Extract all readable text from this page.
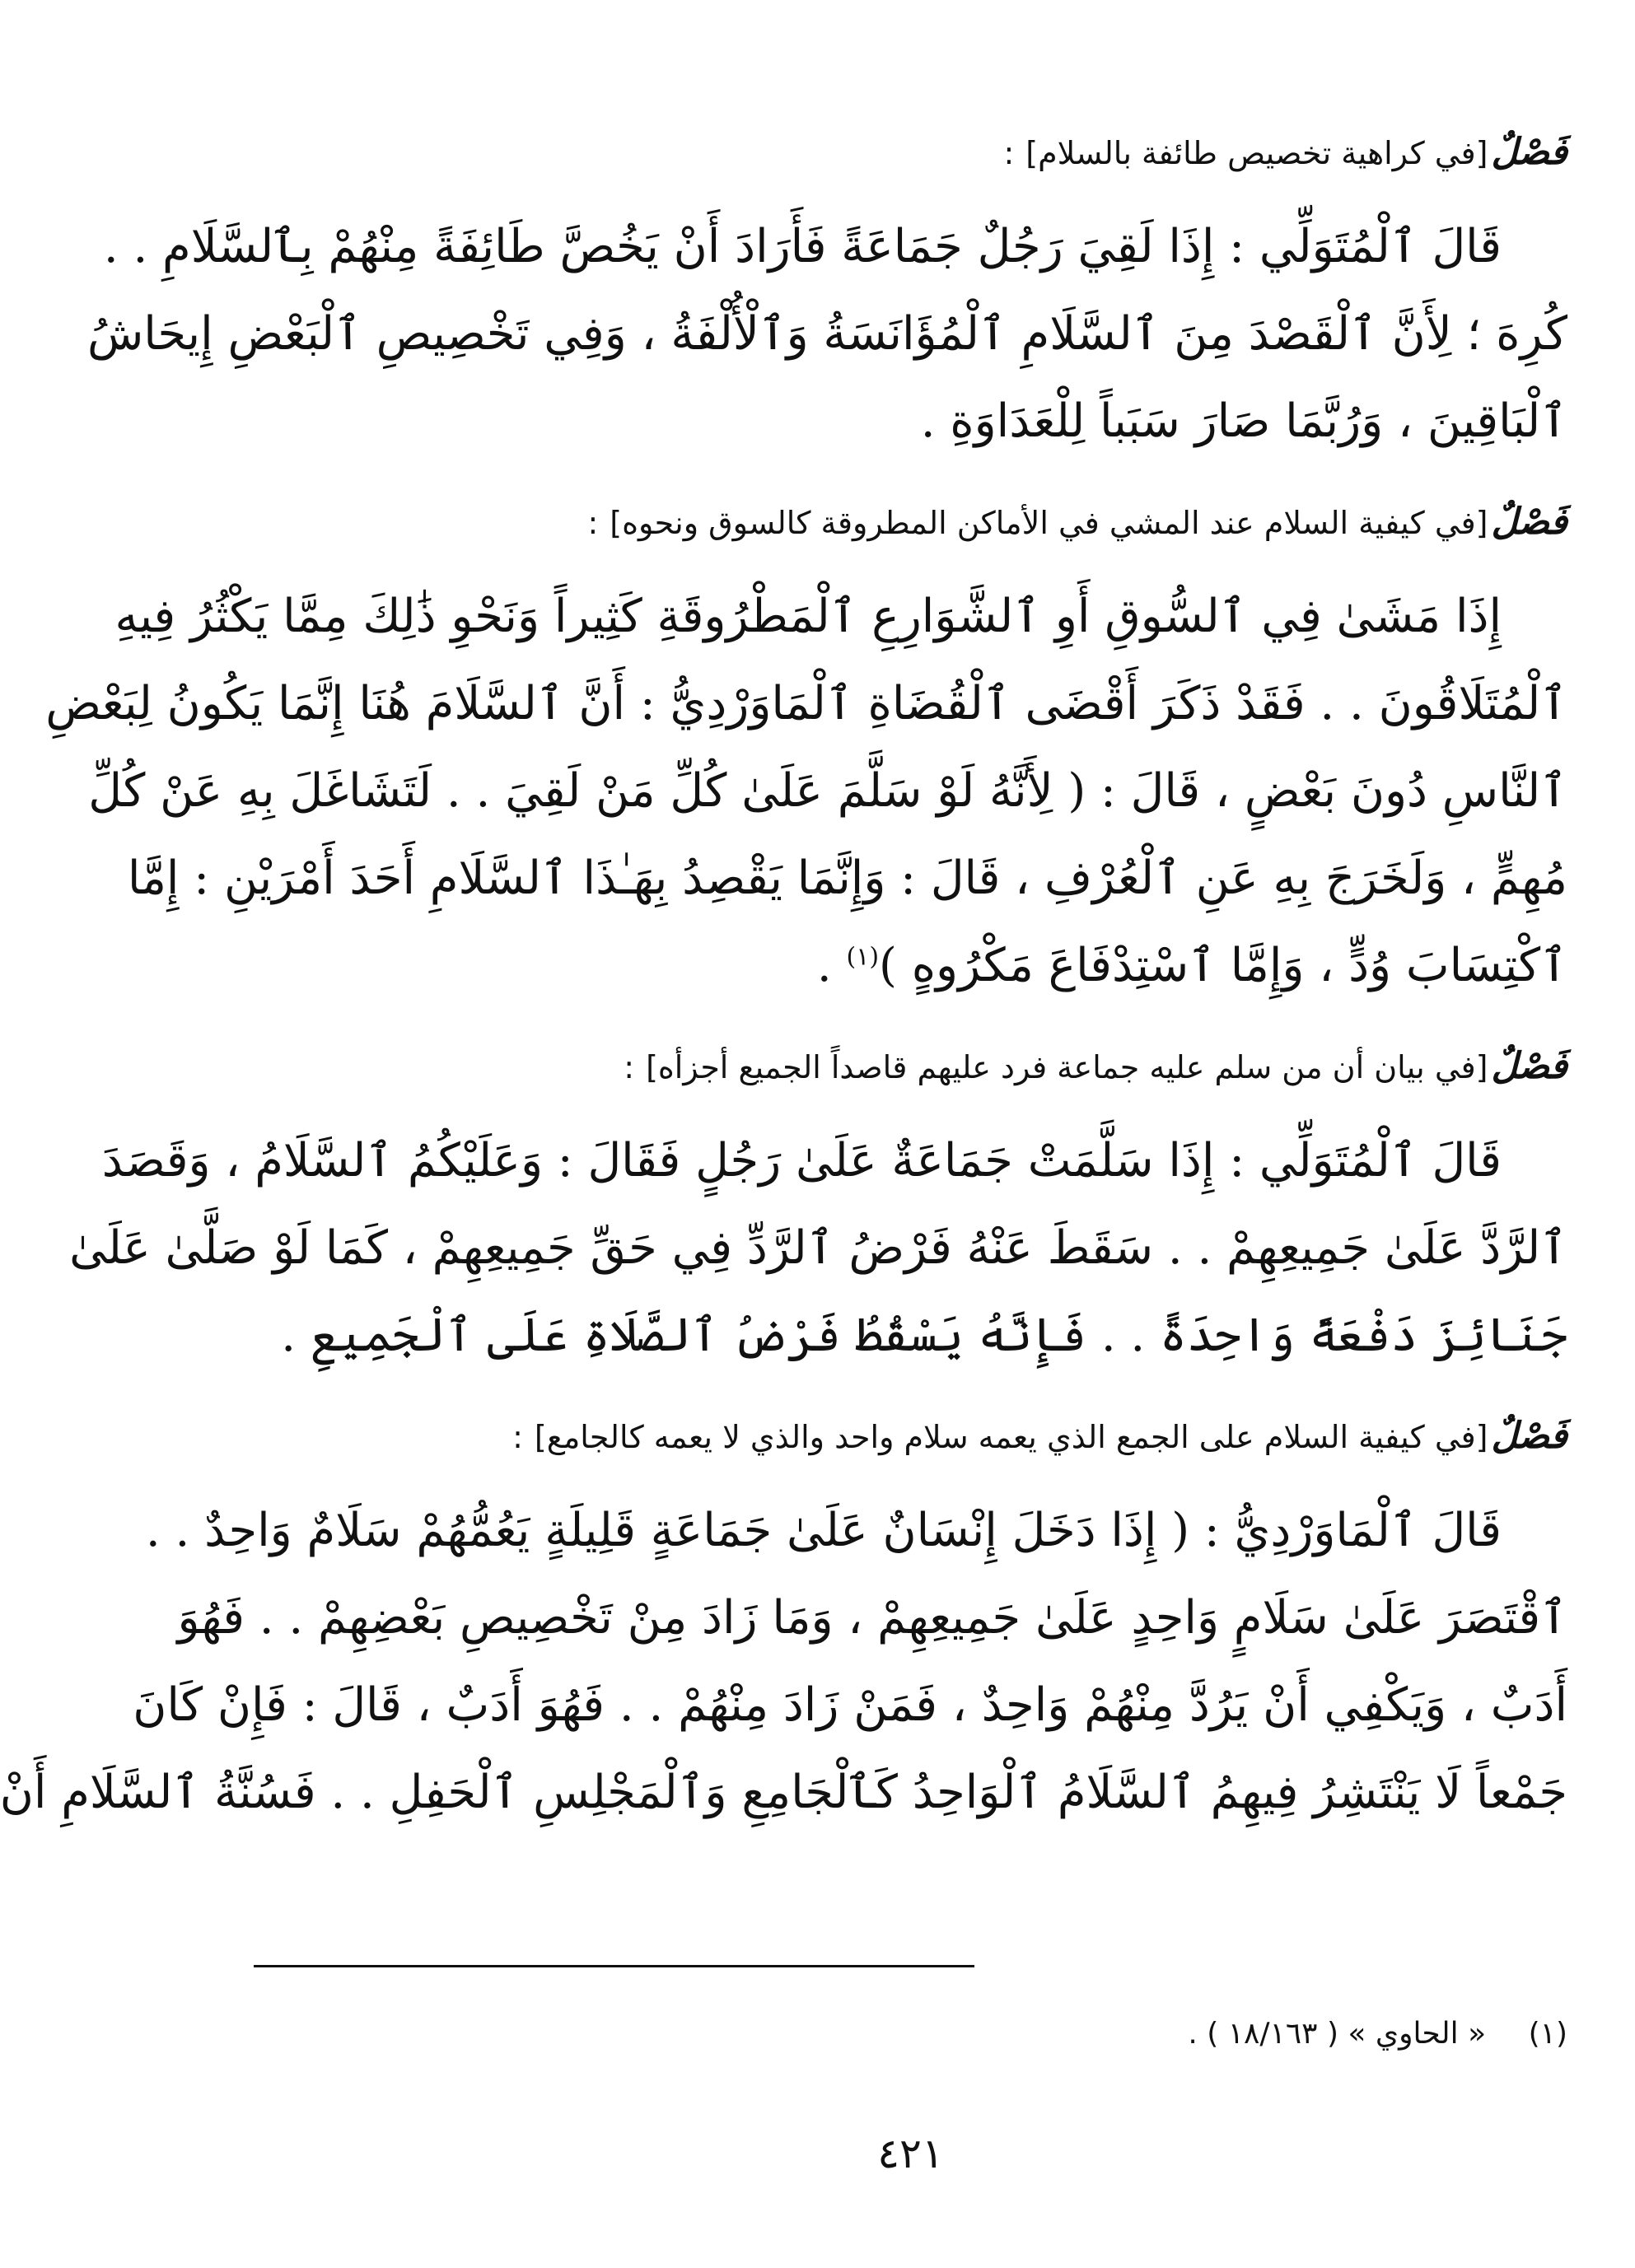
فَصْلٌ
[في كراهية تخصيص طائفة بالسلام]
:
قَالَ ٱلْمُتَوَلِّي : إِذَا لَقِيَ رَجُلٌ جَمَاعَةً فَأَرَادَ أَنْ يَخُصَّ طَائِفَةً مِنْهُمْ بِٱلسَّلَامِ . .
كُرِهَ ؛ لِأَنَّ ٱلْقَصْدَ مِنَ ٱلسَّلَامِ ٱلْمُؤَانَسَةُ وَٱلْأُلْفَةُ ، وَفِي تَخْصِيصِ ٱلْبَعْضِ إِيحَاشُ
ٱلْبَاقِينَ ، وَرُبَّمَا صَارَ سَبَباً لِلْعَدَاوَةِ .
فَصْلٌ
[في كيفية السلام عند المشي في الأماكن المطروقة كالسوق ونحوه]
:
إِذَا مَشَىٰ فِي ٱلسُّوقِ أَوِ ٱلشَّوَارِعِ ٱلْمَطْرُوقَةِ كَثِيراً وَنَحْوِ ذَٰلِكَ مِمَّا يَكْثُرُ فِيهِ
ٱلْمُتَلَاقُونَ . . فَقَدْ ذَكَرَ أَقْضَى ٱلْقُضَاةِ ٱلْمَاوَرْدِيُّ : أَنَّ ٱلسَّلَامَ هُنَا إِنَّمَا يَكُونُ لِبَعْضِ
ٱلنَّاسِ دُونَ بَعْضٍ ، قَالَ : ( لِأَنَّهُ لَوْ سَلَّمَ عَلَىٰ كُلِّ مَنْ لَقِيَ . . لَتَشَاغَلَ بِهِ عَنْ كُلِّ
مُهِمٍّ ، وَلَخَرَجَ بِهِ عَنِ ٱلْعُرْفِ ، قَالَ : وَإِنَّمَا يَقْصِدُ بِهَـٰذَا ٱلسَّلَامِ أَحَدَ أَمْرَيْنِ : إِمَّا
ٱكْتِسَابَ وُدٍّ ، وَإِمَّا ٱسْتِدْفَاعَ مَكْرُوهٍ )$^{(١)}$ .
فَصْلٌ
[في بيان أن من سلم عليه جماعة فرد عليهم قاصداً الجميع أجزأه]
:
قَالَ ٱلْمُتَوَلِّي : إِذَا سَلَّمَتْ جَمَاعَةٌ عَلَىٰ رَجُلٍ فَقَالَ : وَعَلَيْكُمُ ٱلسَّلَامُ ، وَقَصَدَ
ٱلرَّدَّ عَلَىٰ جَمِيعِهِمْ . . سَقَطَ عَنْهُ فَرْضُ ٱلرَّدِّ فِي حَقِّ جَمِيعِهِمْ ، كَمَا لَوْ صَلَّىٰ عَلَىٰ
جَنَائِزَ دَفْعَةً وَاحِدَةً . . فَإِنَّهُ يَسْقُطُ فَرْضُ ٱلصَّلَاةِ عَلَى ٱلْجَمِيعِ .
فَصْلٌ
[في كيفية السلام على الجمع الذي يعمه سلام واحد والذي لا يعمه كالجامع]
:
قَالَ ٱلْمَاوَرْدِيُّ : ( إِذَا دَخَلَ إِنْسَانٌ عَلَىٰ جَمَاعَةٍ قَلِيلَةٍ يَعُمُّهُمْ سَلَامٌ وَاحِدٌ . .
ٱقْتَصَرَ عَلَىٰ سَلَامٍ وَاحِدٍ عَلَىٰ جَمِيعِهِمْ ، وَمَا زَادَ مِنْ تَخْصِيصِ بَعْضِهِمْ . . فَهُوَ
أَدَبٌ ، وَيَكْفِي أَنْ يَرُدَّ مِنْهُمْ وَاحِدٌ ، فَمَنْ زَادَ مِنْهُمْ . . فَهُوَ أَدَبٌ ، قَالَ : فَإِنْ كَانَ
جَمْعاً لَا يَنْتَشِرُ فِيهِمُ ٱلسَّلَامُ ٱلْوَاحِدُ كَٱلْجَامِعِ وَٱلْمَجْلِسِ ٱلْحَفِلِ . . فَسُنَّةُ ٱلسَّلَامِ أَنْ
(١) « الحاوي » ( ١٨/١٦٣ ) .
٤٢١
